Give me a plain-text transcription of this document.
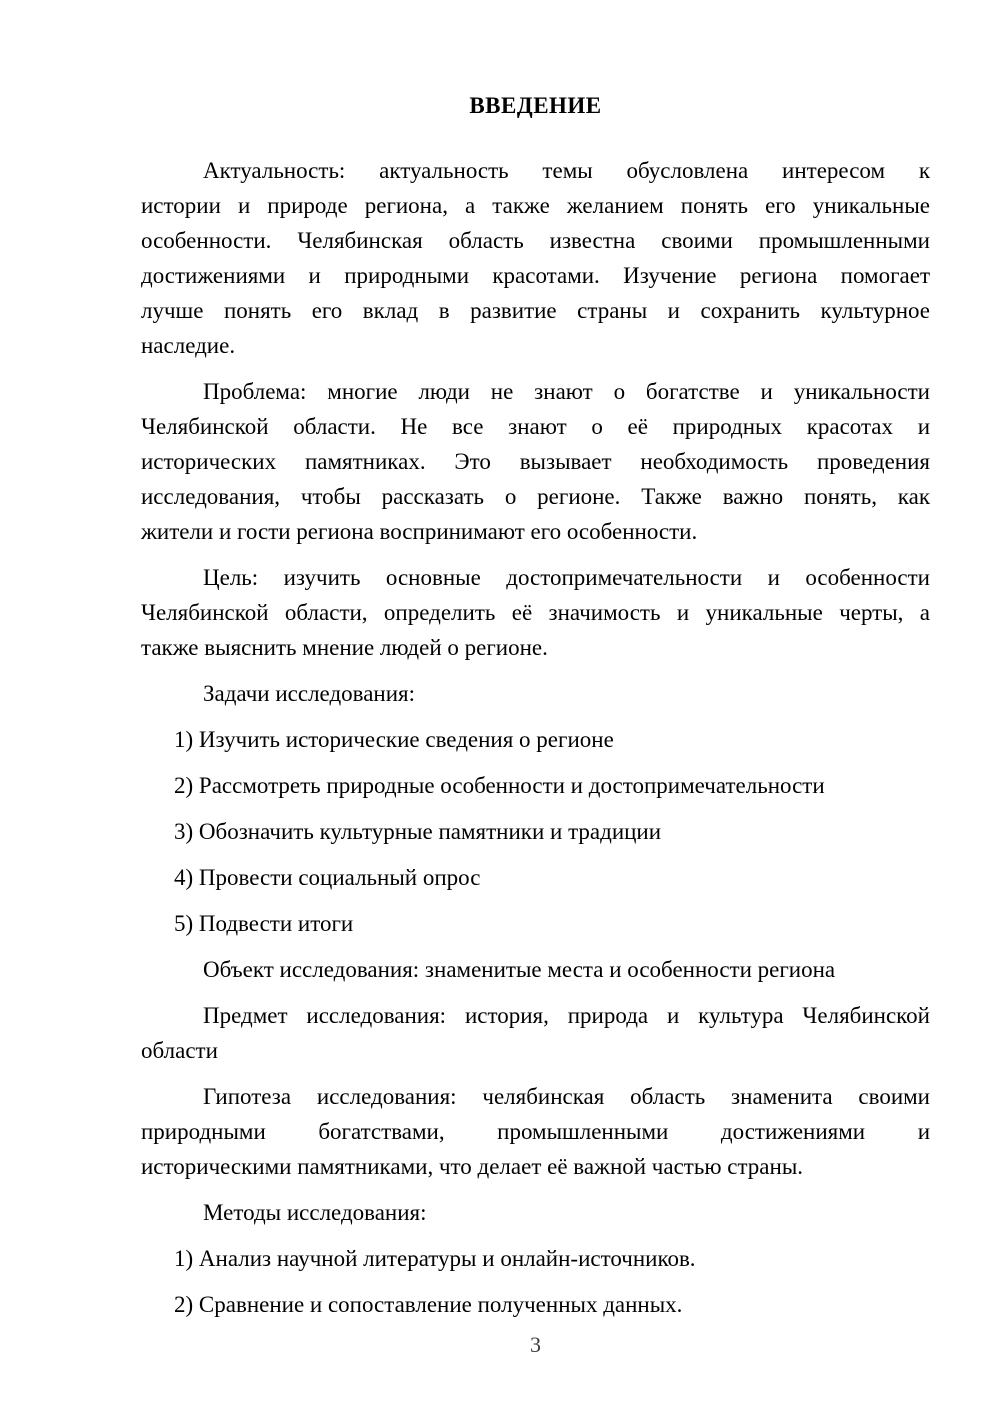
ВВЕДЕНИЕ
Актуальность: актуальность темы обусловлена интересом к
истории и природе региона, а также желанием понять его уникальные
особенности. Челябинская область известна своими промышленными
достижениями и природными красотами. Изучение региона помогает
лучше понять его вклад в развитие страны и сохранить культурное
наследие.
Проблема: многие люди не знают о богатстве и уникальности
Челябинской области. Не все знают о её природных красотах и
исторических памятниках. Это вызывает необходимость проведения
исследования, чтобы рассказать о регионе. Также важно понять, как
жители и гости региона воспринимают его особенности.
Цель: изучить основные достопримечательности и особенности
Челябинской области, определить её значимость и уникальные черты, а
также выяснить мнение людей о регионе.
Задачи исследования:

1) Изучить исторические сведения о регионе

2) Рассмотреть природные особенности и достопримечательности

3) Обозначить культурные памятники и традиции

4) Провести социальный опрос

5) Подвести итоги

Объект исследования: знаменитые места и особенности региона
Предмет исследования: история, природа и культура Челябинской
области
Гипотеза исследования: челябинская область знаменита своими
природными богатствами, промышленными достижениями и
историческими памятниками, что делает её важной частью страны.
Методы исследования:

1) Анализ научной литературы и онлайн-источников.

2) Сравнение и сопоставление полученных данных.

3
